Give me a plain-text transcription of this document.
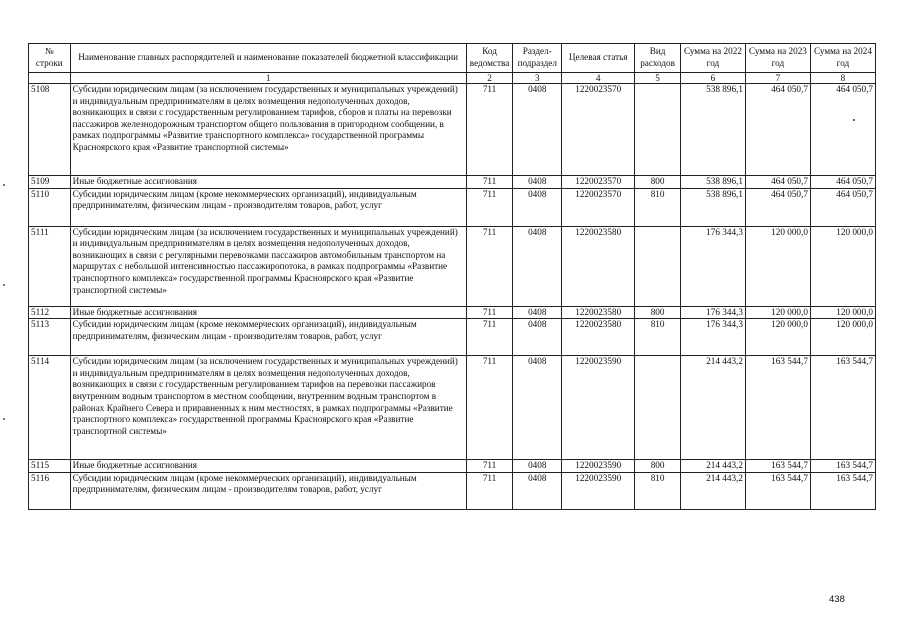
№ строки	Наименование главных распорядителей и наименование показателей бюджетной классификации	Код ведомства	Раздел-подраздел	Целевая статья	Вид расходов	Сумма на 2022 год	Сумма на 2023 год	Сумма на 2024 год
	1	2	3	4	5	6	7	8
5108	Субсидии юридическим лицам (за исключением государственных и муниципальных учреждений) и индивидуальным предпринимателям в целях возмещения недополученных доходов, возникающих в связи с государственным регулированием тарифов, сборов и платы на перевозки пассажиров железнодорожным транспортом общего пользования в пригородном сообщении, в рамках подпрограммы «Развитие транспортного комплекса» государственной программы Красноярского края «Развитие транспортной системы»	711	0408	1220023570		538 896,1	464 050,7	464 050,7
5109	Иные бюджетные ассигнования	711	0408	1220023570	800	538 896,1	464 050,7	464 050,7
5110	Субсидии юридическим лицам (кроме некоммерческих организаций), индивидуальным предпринимателям, физическим лицам - производителям товаров, работ, услуг	711	0408	1220023570	810	538 896,1	464 050,7	464 050,7
5111	Субсидии юридическим лицам (за исключением государственных и муниципальных учреждений) и индивидуальным предпринимателям в целях возмещения недополученных доходов, возникающих в связи с регулярными перевозками пассажиров автомобильным транспортом на маршрутах с небольшой интенсивностью пассажиропотока, в рамках подпрограммы «Развитие транспортного комплекса» государственной программы Красноярского края «Развитие транспортной системы»	711	0408	1220023580		176 344,3	120 000,0	120 000,0
5112	Иные бюджетные ассигнования	711	0408	1220023580	800	176 344,3	120 000,0	120 000,0
5113	Субсидии юридическим лицам (кроме некоммерческих организаций), индивидуальным предпринимателям, физическим лицам - производителям товаров, работ, услуг	711	0408	1220023580	810	176 344,3	120 000,0	120 000,0
5114	Субсидии юридическим лицам (за исключением государственных и муниципальных учреждений) и индивидуальным предпринимателям в целях возмещения недополученных доходов, возникающих в связи с государственным регулированием тарифов на перевозки пассажиров внутренним водным транспортом в местном сообщении, внутренним водным транспортом в районах Крайнего Севера и приравненных к ним местностях, в рамках подпрограммы «Развитие транспортного комплекса» государственной программы Красноярского края «Развитие транспортной системы»	711	0408	1220023590		214 443,2	163 544,7	163 544,7
5115	Иные бюджетные ассигнования	711	0408	1220023590	800	214 443,2	163 544,7	163 544,7
5116	Субсидии юридическим лицам (кроме некоммерческих организаций), индивидуальным предпринимателям, физическим лицам - производителям товаров, работ, услуг	711	0408	1220023590	810	214 443,2	163 544,7	163 544,7
438
